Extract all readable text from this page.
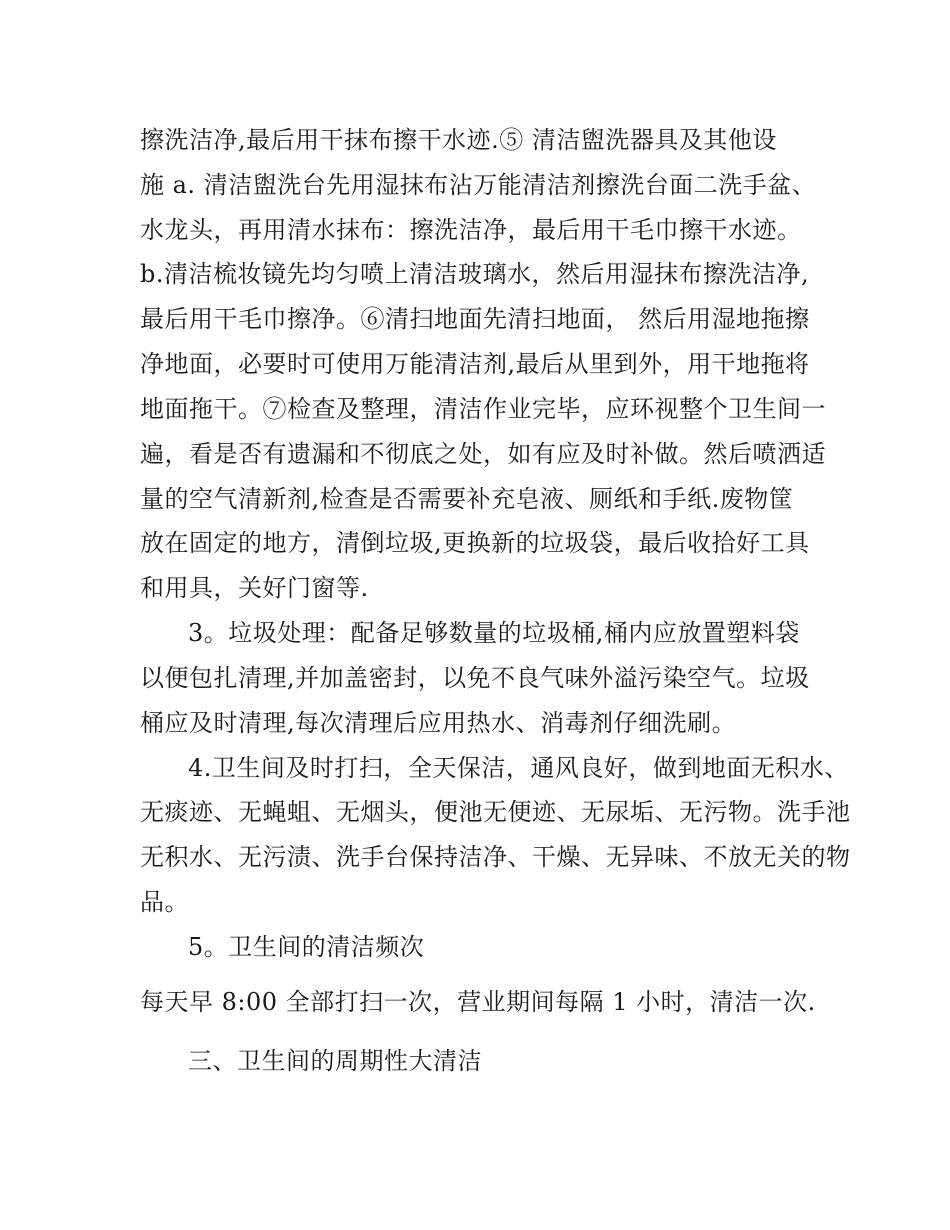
擦洗洁净,最后用干抹布擦干水迹.⑤ 清洁盥洗器具及其他设
施 a. 清洁盥洗台先用湿抹布沾万能清洁剂擦洗台面二洗手盆、
水龙头，再用清水抹布：擦洗洁净，最后用干毛巾擦干水迹。
b.清洁梳妆镜先均匀喷上清洁玻璃水，然后用湿抹布擦洗洁净,
最后用干毛巾擦净。⑥清扫地面先清扫地面， 然后用湿地拖擦
净地面，必要时可使用万能清洁剂,最后从里到外，用干地拖将
地面拖干。⑦检查及整理，清洁作业完毕，应环视整个卫生间一
遍，看是否有遗漏和不彻底之处，如有应及时补做。然后喷洒适
量的空气清新剂,检查是否需要补充皂液、厕纸和手纸.废物筐
放在固定的地方，清倒垃圾,更换新的垃圾袋，最后收拾好工具
和用具，关好门窗等.
3。垃圾处理：配备足够数量的垃圾桶,桶内应放置塑料袋
以便包扎清理,并加盖密封，以免不良气味外溢污染空气。垃圾
桶应及时清理,每次清理后应用热水、消毒剂仔细洗刷。
4.卫生间及时打扫，全天保洁，通风良好，做到地面无积水、
无痰迹、无蝇蛆、无烟头，便池无便迹、无尿垢、无污物。洗手池
无积水、无污渍、洗手台保持洁净、干燥、无异味、不放无关的物
品。
5。卫生间的清洁频次
每天早 8:00 全部打扫一次，营业期间每隔 1 小时，清洁一次.
三、卫生间的周期性大清洁
